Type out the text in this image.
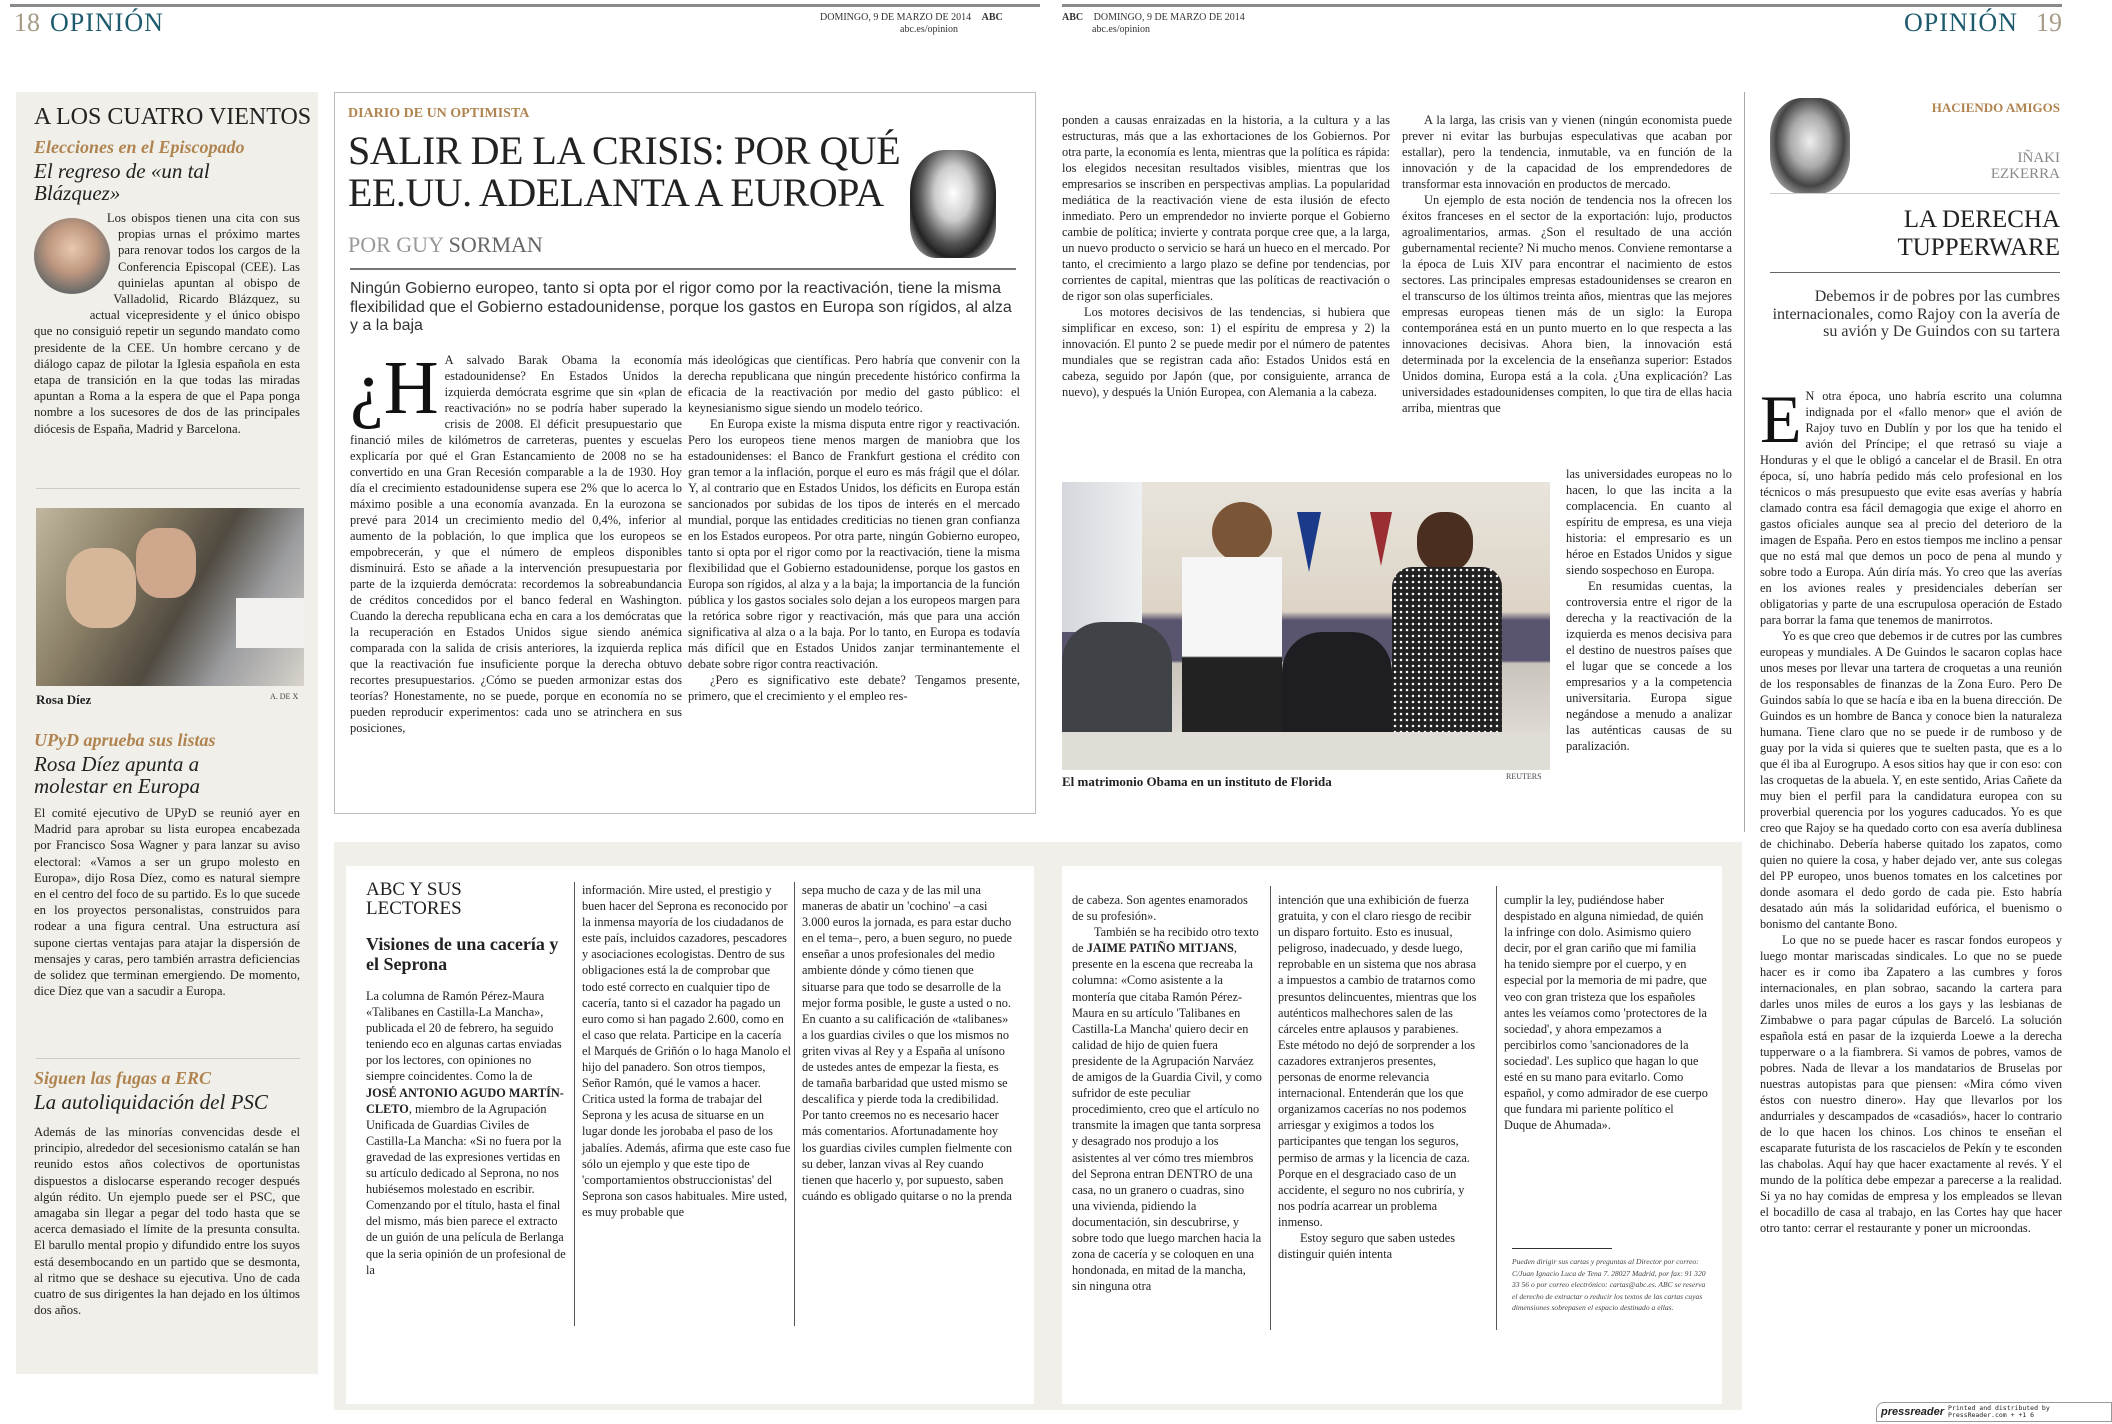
18 OPINIÓN	DOMINGO, 9 DE MARZO DE 2014 ABC
abc.es/opinion
ABC DOMINGO, 9 DE MARZO DE 2014
abc.es/opinion	OPINIÓN 19
A LOS CUATRO VIENTOS
Elecciones en el Episcopado
El regreso de «un tal Blázquez»
Los obispos tienen una cita con sus propias urnas el próximo martes para renovar todos los cargos de la Conferencia Episcopal (CEE). Las quinielas apuntan al obispo de Valladolid, Ricardo Blázquez, su actual vicepresidente y el único obispo que no consiguió repetir un segundo mandato como presidente de la CEE. Un hombre cercano y de diálogo capaz de pilotar la Iglesia española en esta etapa de transición en la que todas las miradas apuntan a Roma a la espera de que el Papa ponga nombre a los sucesores de dos de las principales diócesis de España, Madrid y Barcelona.
Rosa Díez	A. DE X
UPyD aprueba sus listas
Rosa Díez apunta a molestar en Europa
El comité ejecutivo de UPyD se reunió ayer en Madrid para aprobar su lista europea encabezada por Francisco Sosa Wagner y para lanzar su aviso electoral: «Vamos a ser un grupo molesto en Europa», dijo Rosa Díez, como es natural siempre en el centro del foco de su partido. Es lo que sucede en los proyectos personalistas, construidos para rodear a una figura central. Una estructura así supone ciertas ventajas para atajar la dispersión de mensajes y caras, pero también arrastra deficiencias de solidez que terminan emergiendo. De momento, dice Díez que van a sacudir a Europa.
Siguen las fugas a ERC
La autoliquidación del PSC
Además de las minorías convencidas desde el principio, alrededor del secesionismo catalán se han reunido estos años colectivos de oportunistas dispuestos a dislocarse esperando recoger después algún rédito. Un ejemplo puede ser el PSC, que amagaba sin llegar a pegar del todo hasta que se acerca demasiado el límite de la presunta consulta. El barullo mental propio y difundido entre los suyos está desembocando en un partido que se desmonta, al ritmo que se deshace su ejecutiva. Uno de cada cuatro de sus dirigentes la han dejado en los últimos dos años.
DIARIO DE UN OPTIMISTA
SALIR DE LA CRISIS: POR QUÉ EE.UU. ADELANTA A EUROPA
POR GUY SORMAN
Ningún Gobierno europeo, tanto si opta por el rigor como por la reactivación, tiene la misma flexibilidad que el Gobierno estadounidense, porque los gastos en Europa son rígidos, al alza y a la baja
¿H A salvado Barak Obama la economía estadounidense? En Estados Unidos la izquierda demócrata esgrime que sin «plan de reactivación» no se podría haber superado la crisis de 2008. El déficit presupuestario que financió miles de kilómetros de carreteras, puentes y escuelas explicaría por qué el Gran Estancamiento de 2008 no se ha convertido en una Gran Recesión comparable a la de 1930. Hoy día el crecimiento estadounidense supera ese 2% que lo acerca lo máximo posible a una economía avanzada. En la eurozona se prevé para 2014 un crecimiento medio del 0,4%, inferior al aumento de la población, lo que implica que los europeos se empobrecerán, y que el número de empleos disponibles disminuirá. Esto se añade a la intervención presupuestaria por parte de la izquierda demócrata: recordemos la sobreabundancia de créditos concedidos por el banco federal en Washington. Cuando la derecha republicana echa en cara a los demócratas que la recuperación en Estados Unidos sigue siendo anémica comparada con la salida de crisis anteriores, la izquierda replica que la reactivación fue insuficiente porque la derecha obtuvo recortes presupuestarios. ¿Cómo se pueden armonizar estas dos teorías? Honestamente, no se puede, porque en economía no se pueden reproducir experimentos: cada uno se atrinchera en sus posiciones,

más ideológicas que científicas. Pero habría que convenir con la derecha republicana que ningún precedente histórico confirma la eficacia de la reactivación por medio del gasto público: el keynesianismo sigue siendo un modelo teórico.

En Europa existe la misma disputa entre rigor y reactivación. Pero los europeos tiene menos margen de maniobra que los estadounidenses: el Banco de Frankfurt gestiona el crédito con gran temor a la inflación, porque el euro es más frágil que el dólar. Y, al contrario que en Estados Unidos, los déficits en Europa están sancionados por subidas de los tipos de interés en el mercado mundial, porque las entidades crediticias no tienen gran confianza en los Estados europeos. Por otra parte, ningún Gobierno europeo, tanto si opta por el rigor como por la reactivación, tiene la misma flexibilidad que el Gobierno estadounidense, porque los gastos en Europa son rígidos, al alza y a la baja; la importancia de la función pública y los gastos sociales solo dejan a los europeos margen para la retórica sobre rigor y reactivación, más que para una acción significativa al alza o a la baja. Por lo tanto, en Europa es todavía más difícil que en Estados Unidos zanjar terminantemente el debate sobre rigor contra reactivación.

¿Pero es significativo este debate? Tengamos presente, primero, que el crecimiento y el empleo res-

ponden a causas enraizadas en la historia, a la cultura y a las estructuras, más que a las exhortaciones de los Gobiernos. Por otra parte, la economía es lenta, mientras que la política es rápida: los elegidos necesitan resultados visibles, mientras que los empresarios se inscriben en perspectivas amplias. La popularidad mediática de la reactivación viene de esta ilusión de efecto inmediato. Pero un emprendedor no invierte porque el Gobierno cambie de política; invierte y contrata porque cree que, a la larga, un nuevo producto o servicio se hará un hueco en el mercado. Por tanto, el crecimiento a largo plazo se define por tendencias, por corrientes de capital, mientras que las políticas de reactivación o de rigor son olas superficiales.

Los motores decisivos de las tendencias, si hubiera que simplificar en exceso, son: 1) el espíritu de empresa y 2) la innovación. El punto 2 se puede medir por el número de patentes mundiales que se registran cada año: Estados Unidos está en cabeza, seguido por Japón (que, por consiguiente, arranca de nuevo), y después la Unión Europea, con Alemania a la cabeza.

A la larga, las crisis van y vienen (ningún economista puede prever ni evitar las burbujas especulativas que acaban por estallar), pero la tendencia, inmutable, va en función de la innovación y de la capacidad de los emprendedores de transformar esta innovación en productos de mercado.

Un ejemplo de esta noción de tendencia nos la ofrecen los éxitos franceses en el sector de la exportación: lujo, productos agroalimentarios, armas. ¿Son el resultado de una acción gubernamental reciente? Ni mucho menos. Conviene remontarse a la época de Luis XIV para encontrar el nacimiento de estos sectores. Las principales empresas estadounidenses se crearon en el transcurso de los últimos treinta años, mientras que las mejores empresas europeas tienen más de un siglo: la Europa contemporánea está en un punto muerto en lo que respecta a las innovaciones decisivas. Ahora bien, la innovación está determinada por la excelencia de la enseñanza superior: Estados Unidos domina, Europa está a la cola. ¿Una explicación? Las universidades estadounidenses compiten, lo que tira de ellas hacia arriba, mientras que

las universidades europeas no lo hacen, lo que las incita a la complacencia. En cuanto al espíritu de empresa, es una vieja historia: el empresario es un héroe en Estados Unidos y sigue siendo sospechoso en Europa.

En resumidas cuentas, la controversia entre el rigor de la derecha y la reactivación de la izquierda es menos decisiva para el destino de nuestros países que el lugar que se concede a los empresarios y a la competencia universitaria. Europa sigue negándose a menudo a analizar las auténticas causas de su paralización.

El matrimonio Obama en un instituto de Florida	REUTERS
ABC Y SUS LECTORES
Visiones de una cacería y el Seprona
La columna de Ramón Pérez-Maura «Talibanes en Castilla-La Mancha», publicada el 20 de febrero, ha seguido teniendo eco en algunas cartas enviadas por los lectores, con opiniones no siempre coincidentes. Como la de JOSÉ ANTONIO AGUDO MARTÍN-CLETO, miembro de la Agrupación Unificada de Guardias Civiles de Castilla-La Mancha: «Si no fuera por la gravedad de las expresiones vertidas en su artículo dedicado al Seprona, no nos hubiésemos molestado en escribir. Comenzando por el título, hasta el final del mismo, más bien parece el extracto de un guión de una película de Berlanga que la seria opinión de un profesional de la
información. Mire usted, el prestigio y buen hacer del Seprona es reconocido por la inmensa mayoría de los ciudadanos de este país, incluidos cazadores, pescadores y asociaciones ecologistas. Dentro de sus obligaciones está la de comprobar que todo esté correcto en cualquier tipo de cacería, tanto si el cazador ha pagado un euro como si han pagado 2.600, como en el caso que relata. Participe en la cacería el Marqués de Griñón o lo haga Manolo el hijo del panadero. Son otros tiempos, Señor Ramón, qué le vamos a hacer. Critica usted la forma de trabajar del Seprona y les acusa de situarse en un lugar donde les jorobaba el paso de los jabalíes. Además, afirma que este caso fue sólo un ejemplo y que este tipo de 'comportamientos obstruccionistas' del Seprona son casos habituales. Mire usted, es muy probable que
sepa mucho de caza y de las mil una maneras de abatir un 'cochino' –a casi 3.000 euros la jornada, es para estar ducho en el tema–, pero, a buen seguro, no puede enseñar a unos profesionales del medio ambiente dónde y cómo tienen que situarse para que todo se desarrolle de la mejor forma posible, le guste a usted o no. En cuanto a su calificación de «talibanes» a los guardias civiles o que los mismos no griten vivas al Rey y a España al unísono de ustedes antes de empezar la fiesta, es de tamaña barbaridad que usted mismo se descalifica y pierde toda la credibilidad. Por tanto creemos no es necesario hacer más comentarios. Afortunadamente hoy los guardias civiles cumplen fielmente con su deber, lanzan vivas al Rey cuando tienen que hacerlo y, por supuesto, saben cuándo es obligado quitarse o no la prenda

de cabeza. Son agentes enamorados de su profesión».

También se ha recibido otro texto de JAIME PATIÑO MITJANS, presente en la escena que recreaba la columna: «Como asistente a la montería que citaba Ramón Pérez-Maura en su artículo 'Talibanes en Castilla-La Mancha' quiero decir en calidad de hijo de quien fuera presidente de la Agrupación Narváez de amigos de la Guardia Civil, y como sufridor de este peculiar procedimiento, creo que el artículo no transmite la imagen que tanta sorpresa y desagrado nos produjo a los asistentes al ver cómo tres miembros del Seprona entran DENTRO de una casa, no un granero o cuadras, sino una vivienda, pidiendo la documentación, sin descubrirse, y sobre todo que luego marchen hacia la zona de cacería y se coloquen en una hondonada, en mitad de la mancha, sin ninguna otra

intención que una exhibición de fuerza gratuita, y con el claro riesgo de recibir un disparo fortuito. Esto es inusual, peligroso, inadecuado, y desde luego, reprobable en un sistema que nos abrasa a impuestos a cambio de tratarnos como presuntos delincuentes, mientras que los auténticos malhechores salen de las cárceles entre aplausos y parabienes. Este método no dejó de sorprender a los cazadores extranjeros presentes, personas de enorme relevancia internacional. Entenderán que los que organizamos cacerías no nos podemos arriesgar y exigimos a todos los participantes que tengan los seguros, permiso de armas y la licencia de caza. Porque en el desgraciado caso de un accidente, el seguro no nos cubriría, y nos podría acarrear un problema inmenso.

Estoy seguro que saben ustedes distinguir quién intenta

cumplir la ley, pudiéndose haber despistado en alguna nimiedad, de quién la infringe con dolo. Asimismo quiero decir, por el gran cariño que mi familia ha tenido siempre por el cuerpo, y en especial por la memoria de mi padre, que veo con gran tristeza que los españoles antes les veíamos como 'protectores de la sociedad', y ahora empezamos a percibirlos como 'sancionadores de la sociedad'. Les suplico que hagan lo que esté en su mano para evitarlo. Como español, y como admirador de ese cuerpo que fundara mi pariente político el Duque de Ahumada».
Pueden dirigir sus cartas y preguntas al Director por correo: C/Juan Ignacio Luca de Tena 7. 28027 Madrid, por fax: 91 320 33 56 o por correo electrónico: cartas@abc.es. ABC se reserva el derecho de extractar o reducir los textos de las cartas cuyas dimensiones sobrepasen el espacio destinado a ellas.
HACIENDO AMIGOS
IÑAKI
EZKERRA
LA DERECHA TUPPERWARE
Debemos ir de pobres por las cumbres internacionales, como Rajoy con la avería de su avión y De Guindos con su tartera
E N otra época, uno habría escrito una columna indignada por el «fallo menor» que el avión de Rajoy tuvo en Dublín y por los que ha tenido el avión del Príncipe; el que retrasó su viaje a Honduras y el que le obligó a cancelar el de Brasil. En otra época, sí, uno habría pedido más celo profesional en los técnicos o más presupuesto que evite esas averías y habría clamado contra esa fácil demagogia que exige el ahorro en gastos oficiales aunque sea al precio del deterioro de la imagen de España. Pero en estos tiempos me inclino a pensar que no está mal que demos un poco de pena al mundo y sobre todo a Europa. Aún diría más. Yo creo que las averías en los aviones reales y presidenciales deberían ser obligatorias y parte de una escrupulosa operación de Estado para borrar la fama que tenemos de manirrotos.

Yo es que creo que debemos ir de cutres por las cumbres europeas y mundiales. A De Guindos le sacaron coplas hace unos meses por llevar una tartera de croquetas a una reunión de los responsables de finanzas de la Zona Euro. Pero De Guindos sabía lo que se hacía e iba en la buena dirección. De Guindos es un hombre de Banca y conoce bien la naturaleza humana. Tiene claro que no se puede ir de rumboso y de guay por la vida si quieres que te suelten pasta, que es a lo que él iba al Eurogrupo. A esos sitios hay que ir con eso: con las croquetas de la abuela. Y, en este sentido, Arias Cañete da muy bien el perfil para la candidatura europea con su proverbial querencia por los yogures caducados. Yo es que creo que Rajoy se ha quedado corto con esa avería dublinesa de chichinabo. Debería haberse quitado los zapatos, como quien no quiere la cosa, y haber dejado ver, ante sus colegas del PP europeo, unos buenos tomates en los calcetines por donde asomara el dedo gordo de cada pie. Esto habría desatado aún más la solidaridad eufórica, el buenismo o bonismo del cantante Bono.

Lo que no se puede hacer es rascar fondos europeos y luego montar mariscadas sindicales. Lo que no se puede hacer es ir como iba Zapatero a las cumbres y foros internacionales, en plan sobrao, sacando la cartera para darles unos miles de euros a los gays y las lesbianas de Zimbabwe o para pagar cúpulas de Barceló. La solución española está en pasar de la izquierda Loewe a la derecha tupperware o a la fiambrera. Si vamos de pobres, vamos de pobres. Nada de llevar a los mandatarios de Bruselas por nuestras autopistas para que piensen: «Mira cómo viven éstos con nuestro dinero». Hay que llevarlos por los andurriales y descampados de «casadiós», hacer lo contrario de lo que hacen los chinos. Los chinos te enseñan el escaparate futurista de los rascacielos de Pekín y te esconden las chabolas. Aquí hay que hacer exactamente al revés. Y el mundo de la política debe empezar a parecerse a la realidad. Si ya no hay comidas de empresa y los empleados se llevan el bocadillo de casa al trabajo, en las Cortes hay que hacer otro tanto: cerrar el restaurante y poner un microondas.

pressreader Printed and distributed by
PressReader.com + +1 6
